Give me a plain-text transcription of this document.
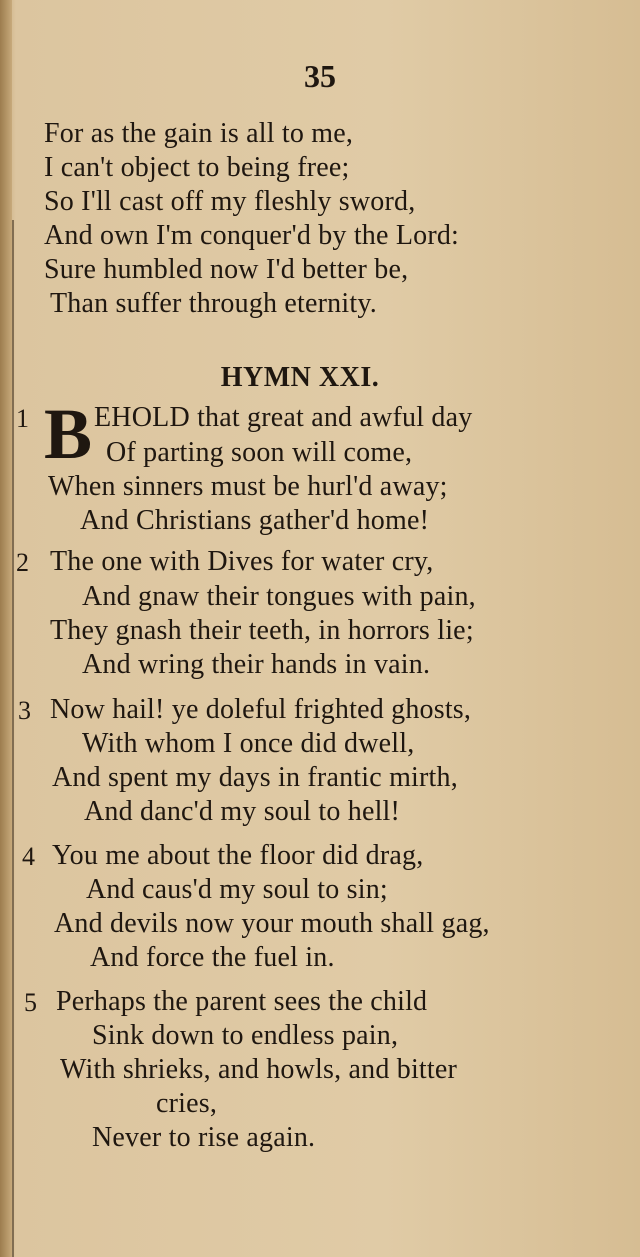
35
For as the gain is all to me,
I can't object to being free;
So I'll cast off my fleshly sword,
And own I'm conquer'd by the Lord:
Sure humbled now I'd better be,
Than suffer through eternity.
HYMN XXI.
1 B EHOLD that great and awful day
Of parting soon will come,
When sinners must be hurl'd away;
And Christians gather'd home!
2 The one with Dives for water cry,
And gnaw their tongues with pain,
They gnash their teeth, in horrors lie;
And wring their hands in vain.
3 Now hail! ye doleful frighted ghosts,
With whom I once did dwell,
And spent my days in frantic mirth,
And danc'd my soul to hell!
4 You me about the floor did drag,
And caus'd my soul to sin;
And devils now your mouth shall gag,
And force the fuel in.
5 Perhaps the parent sees the child
Sink down to endless pain,
With shrieks, and howls, and bitter
cries,
Never to rise again.
